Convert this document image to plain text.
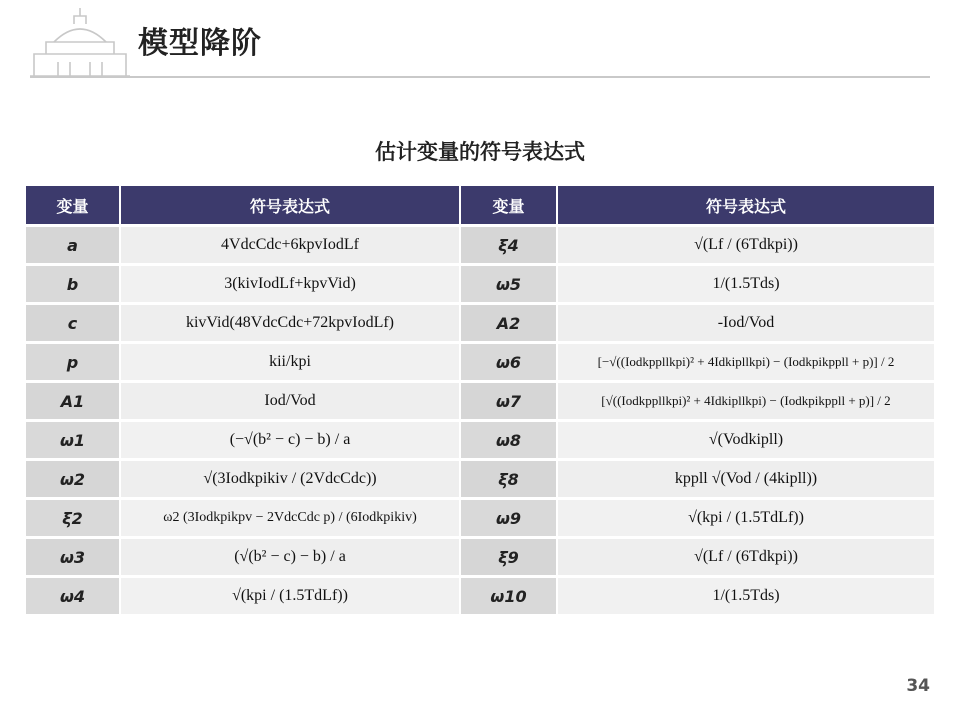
模型降阶
估计变量的符号表达式
变量	符号表达式	变量	符号表达式
a	4VdcCdc+6kpvIodLf	ξ4	√(Lf / (6Tdkpi))
b	3(kivIodLf+kpvVid)	ω5	1/(1.5Tds)
c	kivVid(48VdcCdc+72kpvIodLf)	A2	-Iod/Vod
p	kii/kpi	ω6	[−√((Iodkppllkpi)² + 4Idkipllkpi) − (Iodkpikppll + p)] / 2
A1	Iod/Vod	ω7	[√((Iodkppllkpi)² + 4Idkipllkpi) − (Iodkpikppll + p)] / 2
ω1	(−√(b² − c) − b) / a	ω8	√(Vodkipll)
ω2	√(3Iodkpikiv / (2VdcCdc))	ξ8	kppll √(Vod / (4kipll))
ξ2	ω2 (3Iodkpikpv − 2VdcCdc p) / (6Iodkpikiv)	ω9	√(kpi / (1.5TdLf))
ω3	(√(b² − c) − b) / a	ξ9	√(Lf / (6Tdkpi))
ω4	√(kpi / (1.5TdLf))	ω10	1/(1.5Tds)
34
